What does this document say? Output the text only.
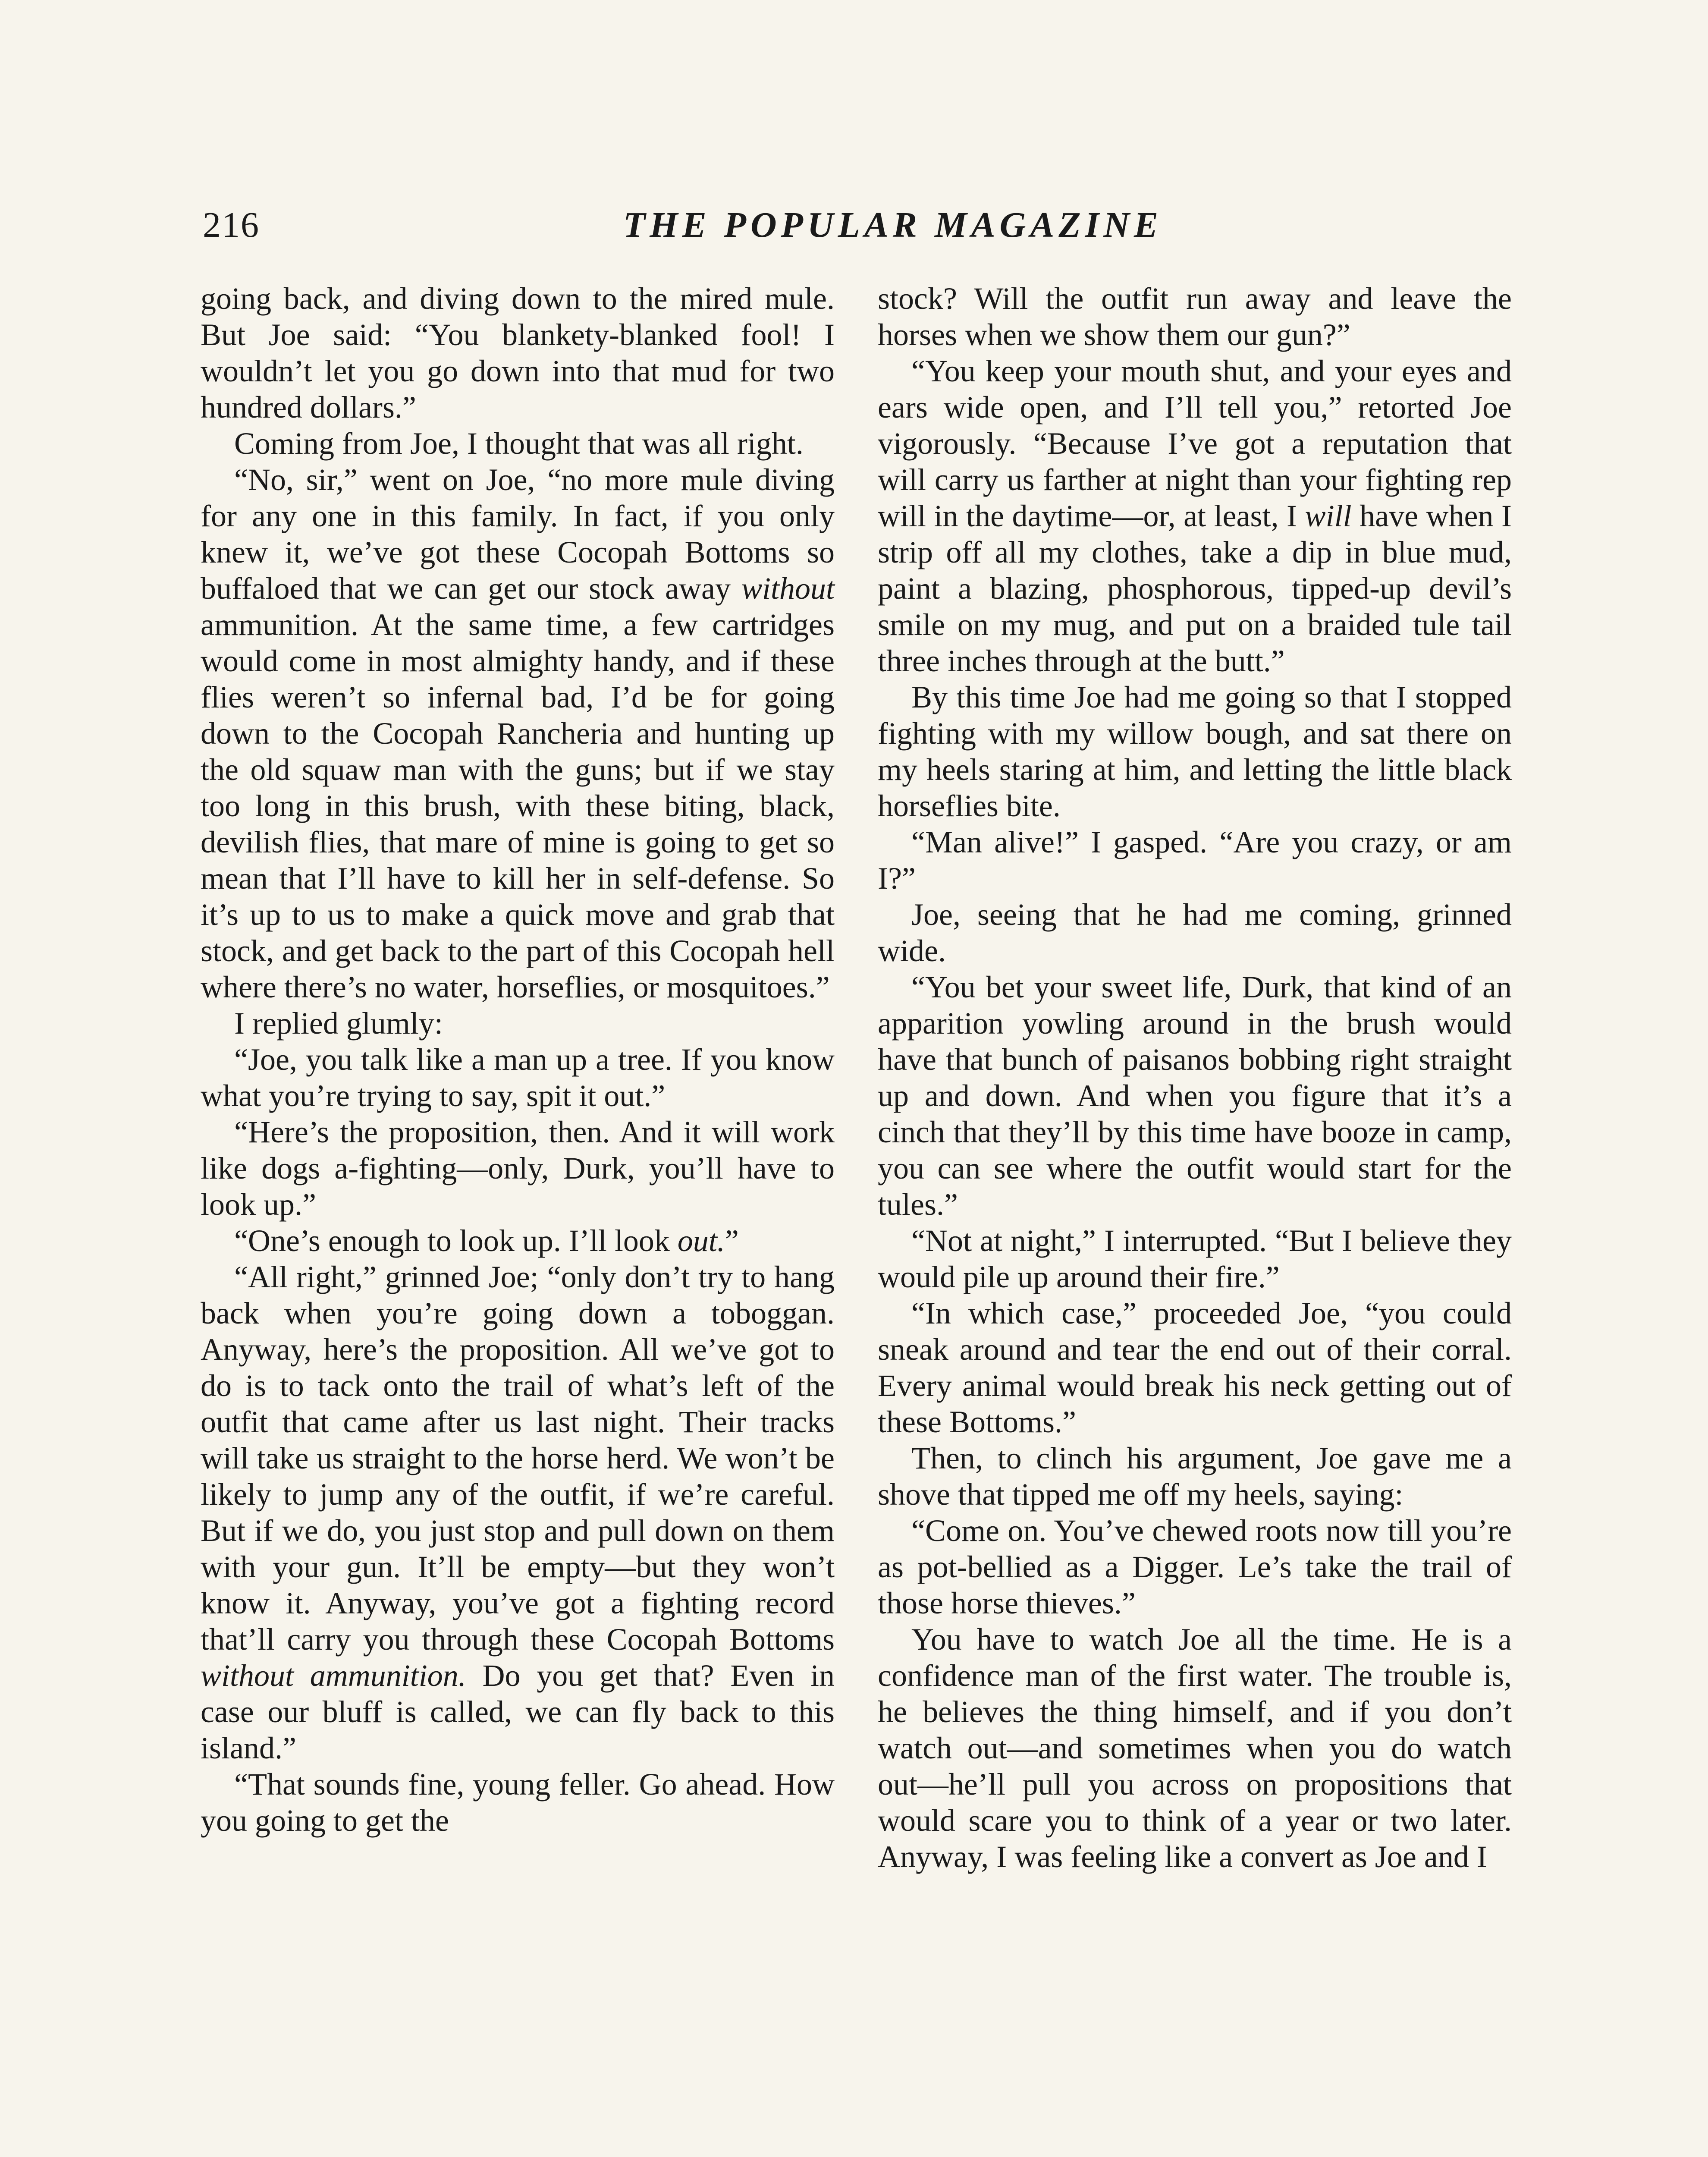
216	THE POPULAR MAGAZINE

going back, and diving down to the mired mule. But Joe said: “You blankety-blanked fool! I wouldn’t let you go down into that mud for two hundred dollars.”

Coming from Joe, I thought that was all right.

“No, sir,” went on Joe, “no more mule diving for any one in this family. In fact, if you only knew it, we’ve got these Cocopah Bottoms so buffaloed that we can get our stock away without ammunition. At the same time, a few cartridges would come in most almighty handy, and if these flies weren’t so infernal bad, I’d be for going down to the Cocopah Rancheria and hunting up the old squaw man with the guns; but if we stay too long in this brush, with these biting, black, devilish flies, that mare of mine is going to get so mean that I’ll have to kill her in self-defense. So it’s up to us to make a quick move and grab that stock, and get back to the part of this Cocopah hell where there’s no water, horseflies, or mosquitoes.”

I replied glumly:

“Joe, you talk like a man up a tree. If you know what you’re trying to say, spit it out.”

“Here’s the proposition, then. And it will work like dogs a-fighting—only, Durk, you’ll have to look up.”

“One’s enough to look up. I’ll look out.”

“All right,” grinned Joe; “only don’t try to hang back when you’re going down a toboggan. Anyway, here’s the proposition. All we’ve got to do is to tack onto the trail of what’s left of the outfit that came after us last night. Their tracks will take us straight to the horse herd. We won’t be likely to jump any of the outfit, if we’re careful. But if we do, you just stop and pull down on them with your gun. It’ll be empty—but they won’t know it. Anyway, you’ve got a fighting record that’ll carry you through these Cocopah Bottoms without ammunition. Do you get that? Even in case our bluff is called, we can fly back to this island.”

“That sounds fine, young feller. Go ahead. How you going to get the

stock? Will the outfit run away and leave the horses when we show them our gun?”

“You keep your mouth shut, and your eyes and ears wide open, and I’ll tell you,” retorted Joe vigorously. “Because I’ve got a reputation that will carry us farther at night than your fighting rep will in the daytime—or, at least, I will have when I strip off all my clothes, take a dip in blue mud, paint a blazing, phosphorous, tipped-up devil’s smile on my mug, and put on a braided tule tail three inches through at the butt.”

By this time Joe had me going so that I stopped fighting with my willow bough, and sat there on my heels staring at him, and letting the little black horseflies bite.

“Man alive!” I gasped. “Are you crazy, or am I?”

Joe, seeing that he had me coming, grinned wide.

“You bet your sweet life, Durk, that kind of an apparition yowling around in the brush would have that bunch of paisanos bobbing right straight up and down. And when you figure that it’s a cinch that they’ll by this time have booze in camp, you can see where the outfit would start for the tules.”

“Not at night,” I interrupted. “But I believe they would pile up around their fire.”

“In which case,” proceeded Joe, “you could sneak around and tear the end out of their corral. Every animal would break his neck getting out of these Bottoms.”

Then, to clinch his argument, Joe gave me a shove that tipped me off my heels, saying:

“Come on. You’ve chewed roots now till you’re as pot-bellied as a Digger. Le’s take the trail of those horse thieves.”

You have to watch Joe all the time. He is a confidence man of the first water. The trouble is, he believes the thing himself, and if you don’t watch out—and sometimes when you do watch out—he’ll pull you across on propositions that would scare you to think of a year or two later. Anyway, I was feeling like a convert as Joe and I
